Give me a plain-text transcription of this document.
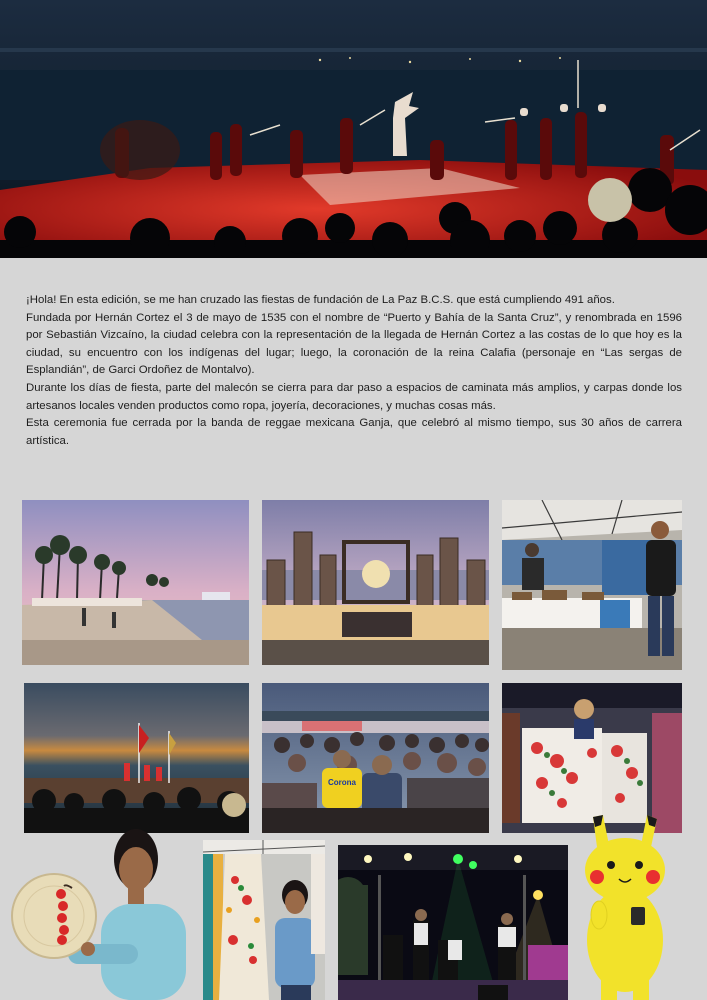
¡Hola! En esta edición, se me han cruzado las fiestas de fundación de La Paz B.C.S. que está cumpliendo 491 años.

Fundada por Hernán Cortez el 3 de mayo de 1535 con el nombre de “Puerto y Bahía de la Santa Cruz”, y renombrada en 1596 por Sebastián Vizcaíno, la ciudad celebra con la representación de la llegada de Hernán Cortez a las costas de lo que hoy es la ciudad, su encuentro con los indígenas del lugar; luego, la coronación de la reina Calafia (personaje en “Las sergas de Esplandián”, de Garci Ordoñez de Montalvo).

Durante los días de fiesta, parte del malecón se cierra para dar paso a espacios de caminata más amplios, y carpas donde los artesanos locales venden productos como ropa, joyería, decoraciones, y muchas cosas más.

Esta ceremonia fue cerrada por la banda de reggae mexicana Ganja, que celebró al mismo tiempo, sus 30 años de carrera artística.

Corona
